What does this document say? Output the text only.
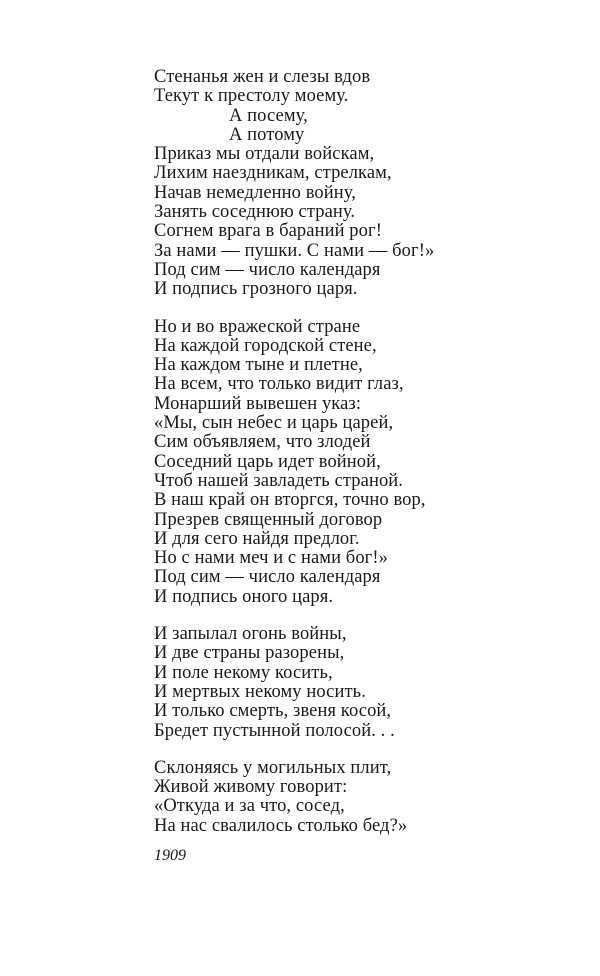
Стенанья жен и слезы вдов
Текут к престолу моему.
А посему,
А потому
Приказ мы отдали войскам,
Лихим наездникам, стрелкам,
Начав немедленно войну,
Занять соседнюю страну.
Согнем врага в бараний рог!
За нами — пушки. С нами — бог!»
Под сим — число календаря
И подпись грозного царя.
Но и во вражеской стране
На каждой городской стене,
На каждом тыне и плетне,
На всем, что только видит глаз,
Монарший вывешен указ:
«Мы, сын небес и царь царей,
Сим объявляем, что злодей
Соседний царь идет войной,
Чтоб нашей завладеть страной.
В наш край он вторгся, точно вор,
Презрев священный договор
И для сего найдя предлог.
Но с нами меч и с нами бог!»
Под сим — число календаря
И подпись оного царя.
И запылал огонь войны,
И две страны разорены,
И поле некому косить,
И мертвых некому носить.
И только смерть, звеня косой,
Бредет пустынной полосой. . .
Склоняясь у могильных плит,
Живой живому говорит:
«Откуда и за что, сосед,
На нас свалилось столько бед?»
1909
